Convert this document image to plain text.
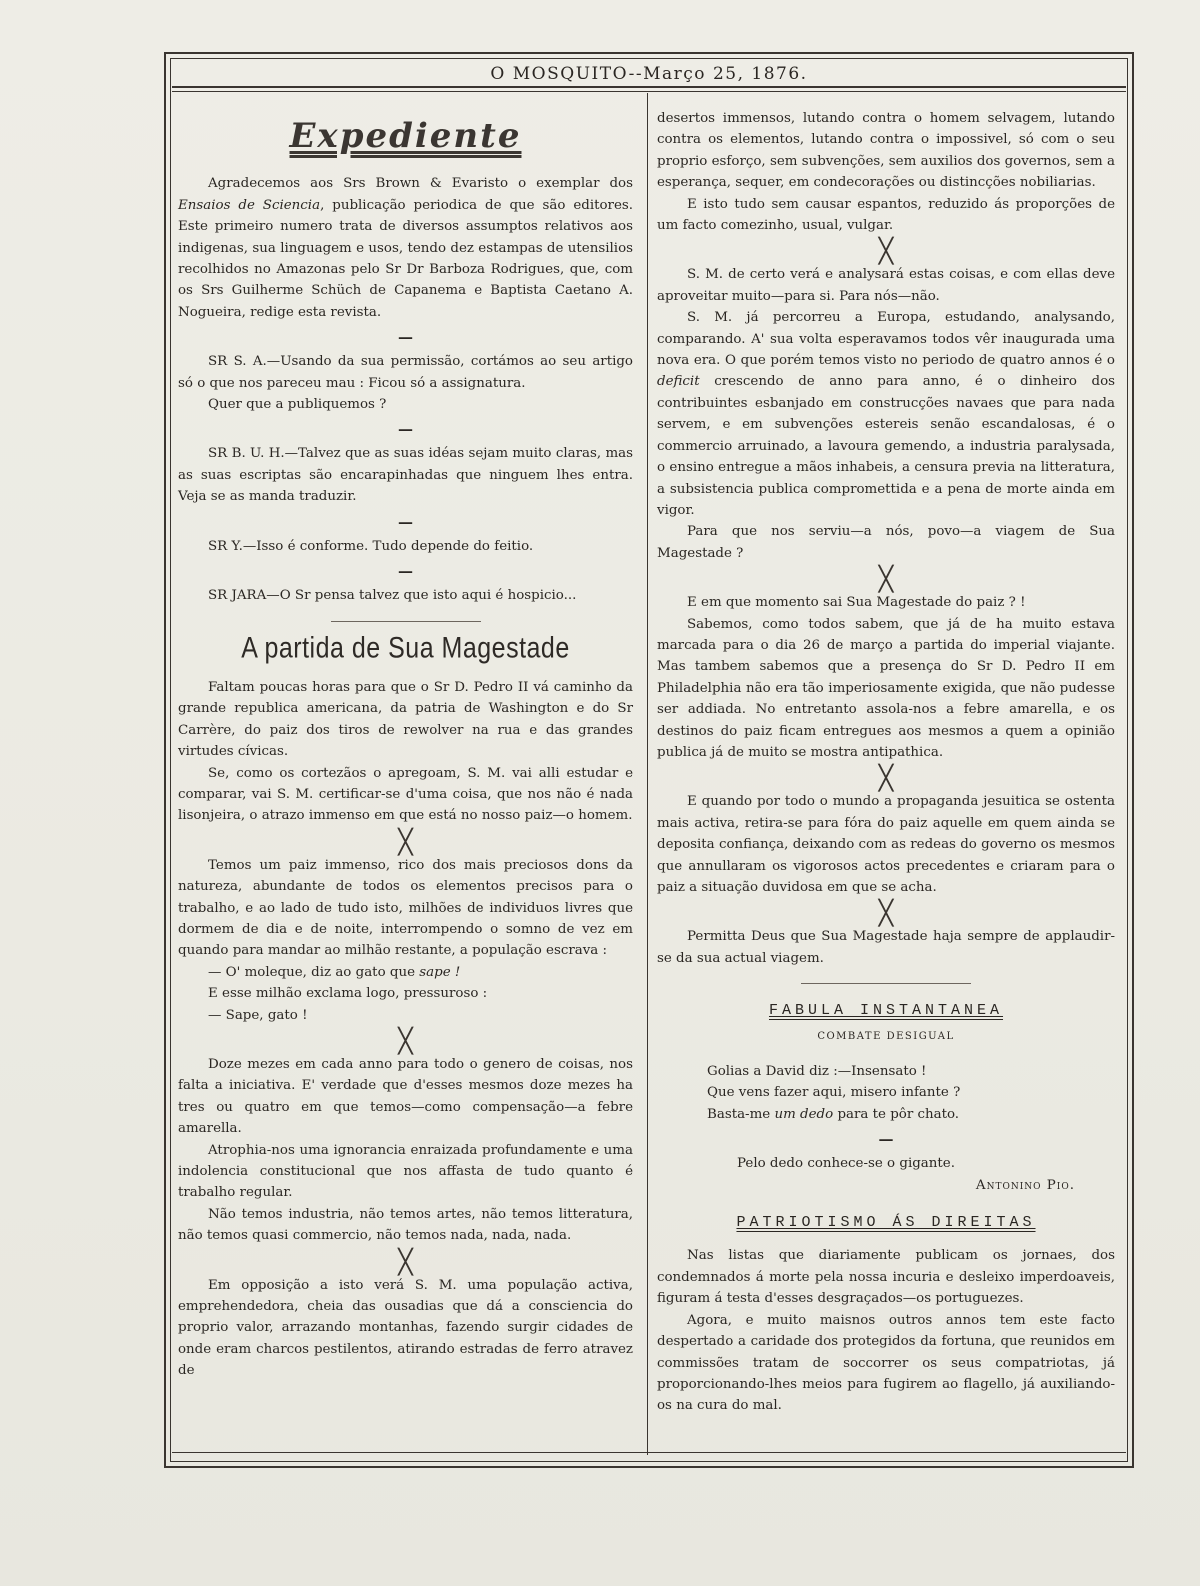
O MOSQUITO--Março 25, 1876.
Expediente

Agradecemos aos Srs Brown & Evaristo o exemplar dos Ensaios de Sciencia, publicação periodica de que são editores. Este primeiro numero trata de diversos assumptos relativos aos indigenas, sua linguagem e usos, tendo dez estampas de utensilios recolhidos no Amazonas pelo Sr Dr Barboza Rodrigues, que, com os Srs Guilherme Schüch de Capanema e Baptista Caetano A. Nogueira, redige esta revista.

—

SR S. A.—Usando da sua permissão, cortámos ao seu artigo só o que nos pareceu mau : Ficou só a assignatura.

Quer que a publiquemos ?

—

SR B. U. H.—Talvez que as suas idéas sejam muito claras, mas as suas escriptas são encarapinhadas que ninguem lhes entra. Veja se as manda traduzir.

—

SR Y.—Isso é conforme. Tudo depende do feitio.

—

SR JARA—O Sr pensa talvez que isto aqui é hospicio...

A partida de Sua Magestade

Faltam poucas horas para que o Sr D. Pedro II vá caminho da grande republica americana, da patria de Washington e do Sr Carrère, do paiz dos tiros de rewolver na rua e das grandes virtudes cívicas.

Se, como os cortezãos o apregoam, S. M. vai alli estudar e comparar, vai S. M. certificar-se d'uma coisa, que nos não é nada lisonjeira, o atrazo immenso em que está no nosso paiz—o homem.

╳

Temos um paiz immenso, rico dos mais preciosos dons da natureza, abundante de todos os elementos precisos para o trabalho, e ao lado de tudo isto, milhões de individuos livres que dormem de dia e de noite, interrompendo o somno de vez em quando para mandar ao milhão restante, a população escrava :

— O' moleque, diz ao gato que sape !

E esse milhão exclama logo, pressuroso :

— Sape, gato !

╳

Doze mezes em cada anno para todo o genero de coisas, nos falta a iniciativa. E' verdade que d'esses mesmos doze mezes ha tres ou quatro em que temos—como compensação—a febre amarella.

Atrophia-nos uma ignorancia enraizada profundamente e uma indolencia constitucional que nos affasta de tudo quanto é trabalho regular.

Não temos industria, não temos artes, não temos litteratura, não temos quasi commercio, não temos nada, nada, nada.

╳

Em opposição a isto verá S. M. uma população activa, emprehendedora, cheia das ousadias que dá a consciencia do proprio valor, arrazando montanhas, fazendo surgir cidades de onde eram charcos pestilentos, atirando estradas de ferro atravez de

desertos immensos, lutando contra o homem selvagem, lutando contra os elementos, lutando contra o impossivel, só com o seu proprio esforço, sem subvenções, sem auxilios dos governos, sem a esperança, sequer, em condecorações ou distincções nobiliarias.

E isto tudo sem causar espantos, reduzido ás proporções de um facto comezinho, usual, vulgar.

╳

S. M. de certo verá e analysará estas coisas, e com ellas deve aproveitar muito—para si. Para nós—não.

S. M. já percorreu a Europa, estudando, analysando, comparando. A' sua volta esperavamos todos vêr inaugurada uma nova era. O que porém temos visto no periodo de quatro annos é o deficit crescendo de anno para anno, é o dinheiro dos contribuintes esbanjado em construcções navaes que para nada servem, e em subvenções estereis senão escandalosas, é o commercio arruinado, a lavoura gemendo, a industria paralysada, o ensino entregue a mãos inhabeis, a censura previa na litteratura, a subsistencia publica compromettida e a pena de morte ainda em vigor.

Para que nos serviu—a nós, povo—a viagem de Sua Magestade ?

╳

E em que momento sai Sua Magestade do paiz ? !

Sabemos, como todos sabem, que já de ha muito estava marcada para o dia 26 de março a partida do imperial viajante. Mas tambem sabemos que a presença do Sr D. Pedro II em Philadelphia não era tão imperiosamente exigida, que não pudesse ser addiada. No entretanto assola-nos a febre amarella, e os destinos do paiz ficam entregues aos mesmos a quem a opinião publica já de muito se mostra antipathica.

╳

E quando por todo o mundo a propaganda jesuitica se ostenta mais activa, retira-se para fóra do paiz aquelle em quem ainda se deposita confiança, deixando com as redeas do governo os mesmos que annullaram os vigorosos actos precedentes e criaram para o paiz a situação duvidosa em que se acha.

╳

Permitta Deus que Sua Magestade haja sempre de applaudir-se da sua actual viagem.

FABULA INSTANTANEA
COMBATE DESIGUAL
Golias a David diz :—Insensato !
Que vens fazer aqui, misero infante ?
Basta-me um dedo para te pôr chato.
—
Pelo dedo conhece-se o gigante.
Antonino Pio.
PATRIOTISMO ÁS DIREITAS

Nas listas que diariamente publicam os jornaes, dos condemnados á morte pela nossa incuria e desleixo imperdoaveis, figuram á testa d'esses desgraçados—os portuguezes.

Agora, e muito maisnos outros annos tem este facto despertado a caridade dos protegidos da fortuna, que reunidos em commissões tratam de soccorrer os seus compatriotas, já proporcionando-lhes meios para fugirem ao flagello, já auxiliando-os na cura do mal.
